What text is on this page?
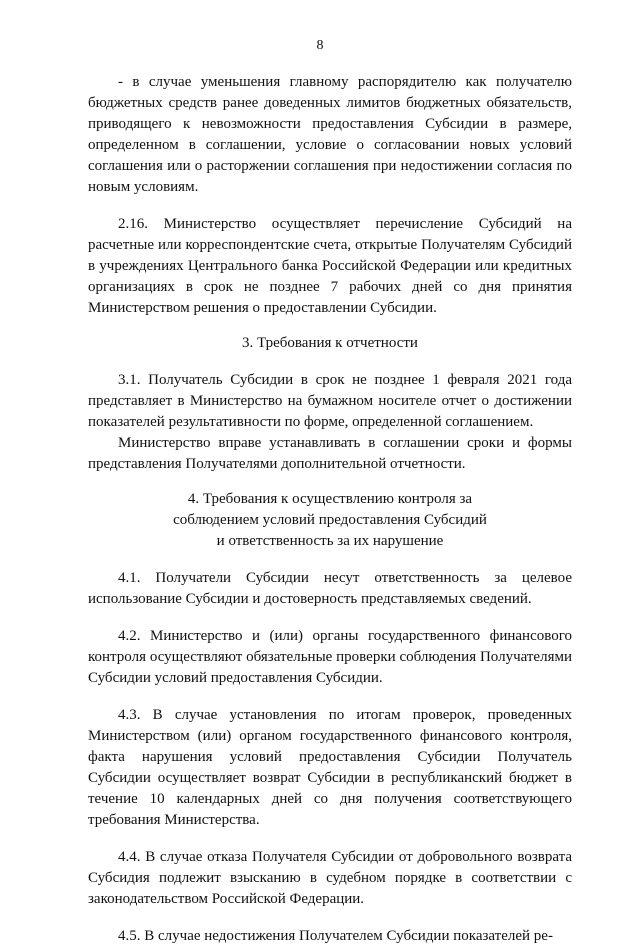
8

- в случае уменьшения главному распорядителю как получателю бюджетных средств ранее доведенных лимитов бюджетных обязательств, приводящего к невозможности предоставления Субсидии в размере, определенном в соглашении, условие о согласовании новых условий соглашения или о расторжении соглашения при недостижении согласия по новым условиям.

2.16. Министерство осуществляет перечисление Субсидий на расчетные или корреспондентские счета, открытые Получателям Субсидий в учреждениях Центрального банка Российской Федерации или кредитных организациях в срок не позднее 7 рабочих дней со дня принятия Министерством решения о предоставлении Субсидии.

3. Требования к отчетности

3.1. Получатель Субсидии в срок не позднее 1 февраля 2021 года представляет в Министерство на бумажном носителе отчет о достижении показателей результативности по форме, определенной соглашением.

Министерство вправе устанавливать в соглашении сроки и формы представления Получателями дополнительной отчетности.

4. Требования к осуществлению контроля за
соблюдением условий предоставления Субсидий
и ответственность за их нарушение

4.1. Получатели Субсидии несут ответственность за целевое использование Субсидии и достоверность представляемых сведений.

4.2. Министерство и (или) органы государственного финансового контроля осуществляют обязательные проверки соблюдения Получателями Субсидии условий предоставления Субсидии.

4.3. В случае установления по итогам проверок, проведенных Министерством (или) органом государственного финансового контроля, факта нарушения условий предоставления Субсидии Получатель Субсидии осуществляет возврат Субсидии в республиканский бюджет в течение 10 календарных дней со дня получения соответствующего требования Министерства.

4.4. В случае отказа Получателя Субсидии от добровольного возврата Субсидия подлежит взысканию в судебном порядке в соответствии с законодательством Российской Федерации.

4.5. В случае недостижения Получателем Субсидии показателей ре-
